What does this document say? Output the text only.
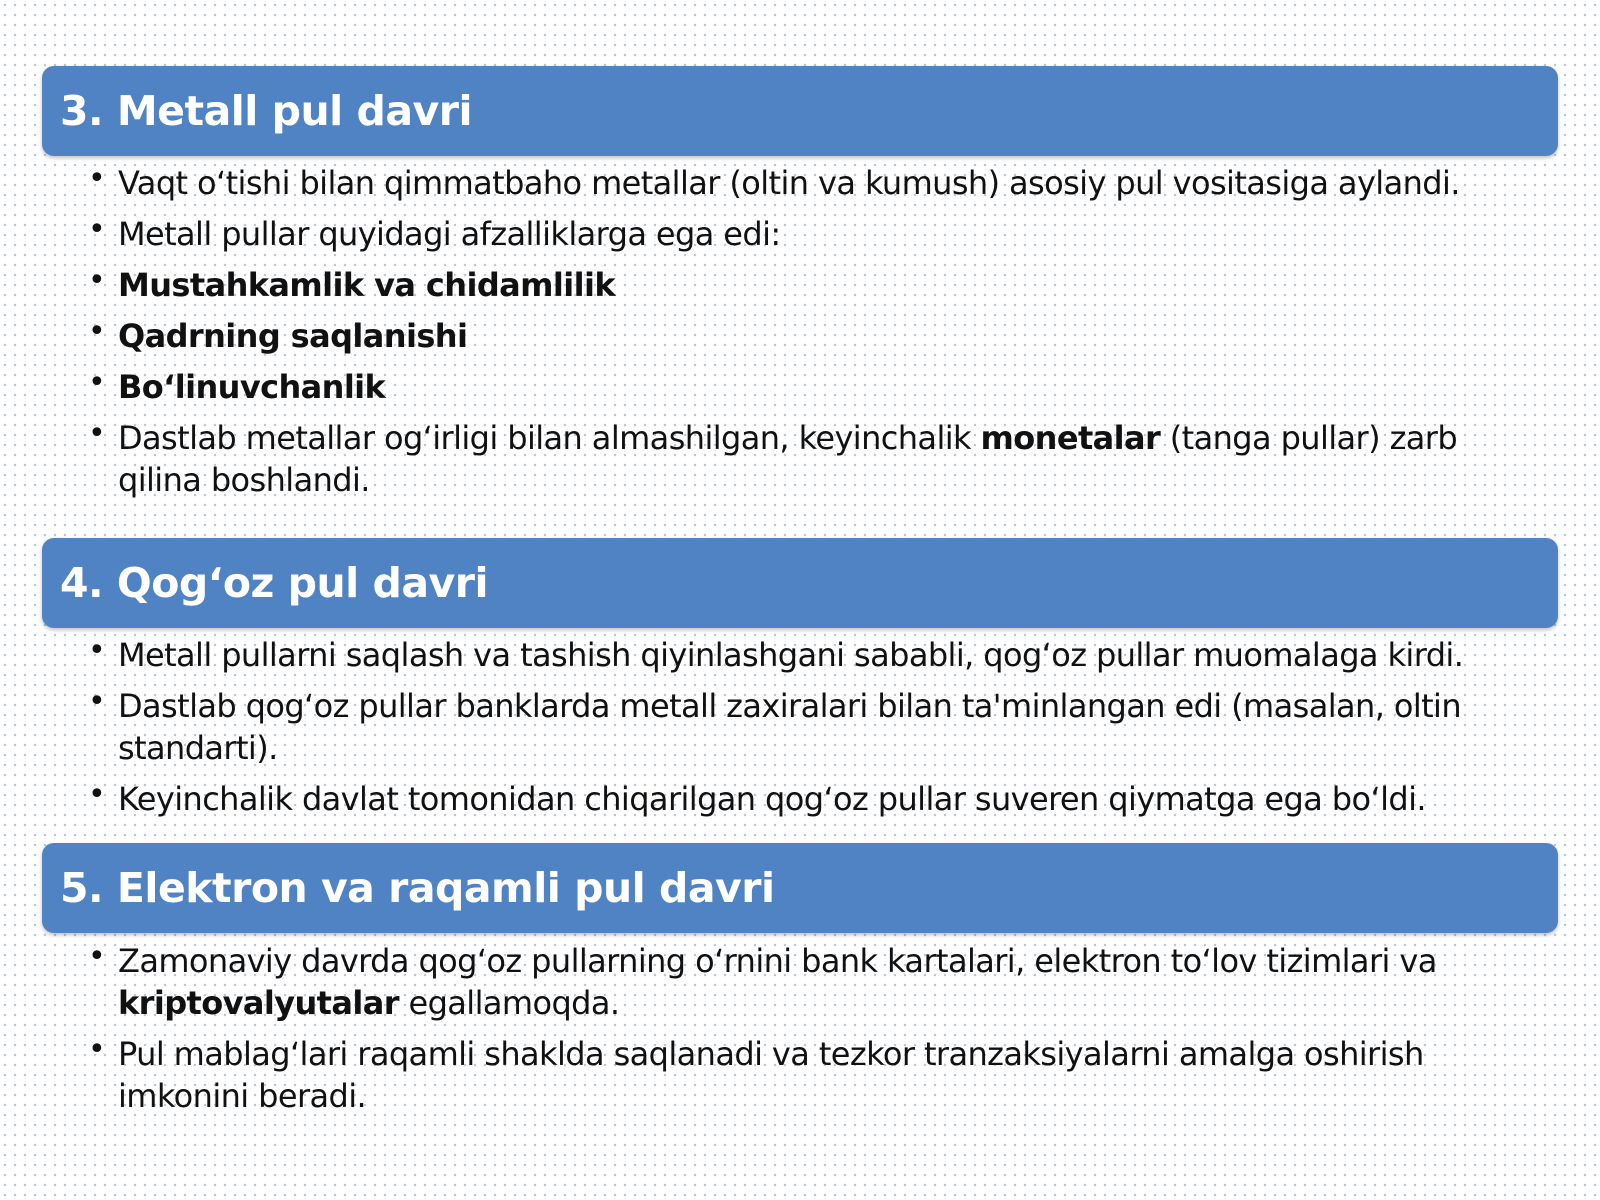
3. Metall pul davri
• Vaqt o‘tishi bilan qimmatbaho metallar (oltin va kumush) asosiy pul vositasiga aylandi.
• Metall pullar quyidagi afzalliklarga ega edi:
• Mustahkamlik va chidamlilik
• Qadrning saqlanishi
• Bo‘linuvchanlik
• Dastlab metallar og‘irligi bilan almashilgan, keyinchalik monetalar (tanga pullar) zarb qilina boshlandi.
4. Qog‘oz pul davri
• Metall pullarni saqlash va tashish qiyinlashgani sababli, qog‘oz pullar muomalaga kirdi.
• Dastlab qog‘oz pullar banklarda metall zaxiralari bilan ta'minlangan edi (masalan, oltin standarti).
• Keyinchalik davlat tomonidan chiqarilgan qog‘oz pullar suveren qiymatga ega bo‘ldi.
5. Elektron va raqamli pul davri
• Zamonaviy davrda qog‘oz pullarning o‘rnini bank kartalari, elektron to‘lov tizimlari va kriptovalyutalar egallamoqda.
• Pul mablag‘lari raqamli shaklda saqlanadi va tezkor tranzaksiyalarni amalga oshirish imkonini beradi.
